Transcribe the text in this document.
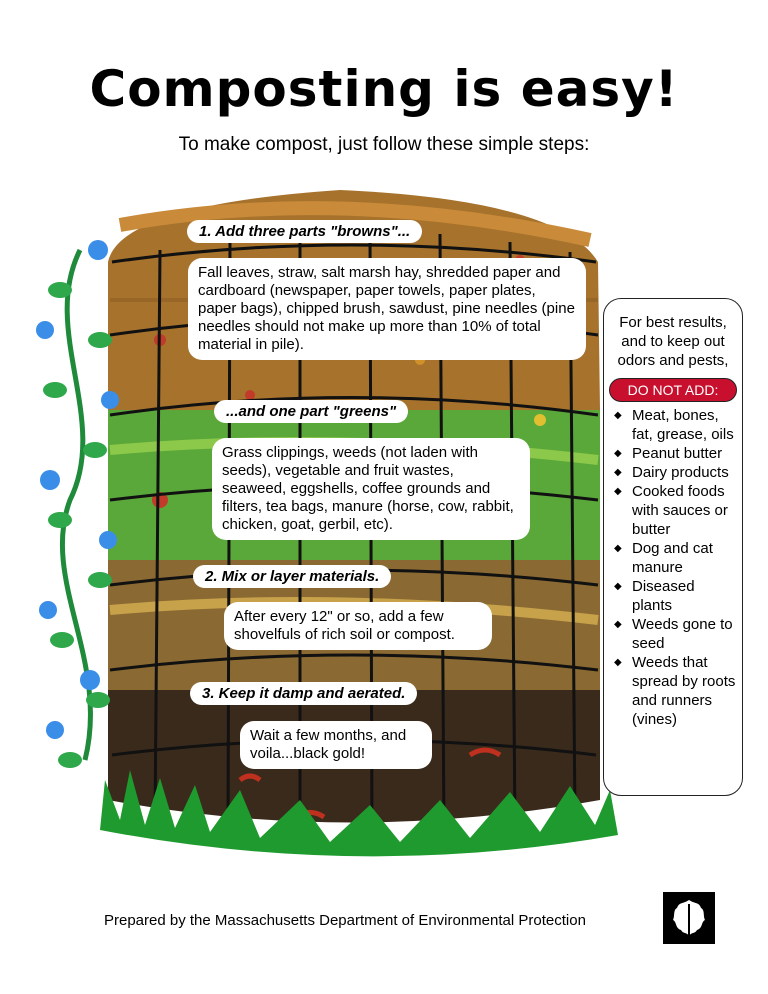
Composting is easy!
To make compost, just follow these simple steps:
1. Add three parts "browns"...
Fall leaves, straw, salt marsh hay, shredded paper and cardboard (newspaper, paper towels, paper plates, paper bags), chipped brush, sawdust, pine needles (pine needles should not make up more than 10% of total material in pile).
...and one part "greens"
Grass clippings, weeds (not laden with seeds), vegetable and fruit wastes, seaweed, eggshells, coffee grounds and filters, tea bags, manure (horse, cow, rabbit, chicken, goat, gerbil, etc).
2. Mix or layer materials.
After every 12" or so, add a few shovelfuls of rich soil or compost.
3. Keep it damp and aerated.
Wait a few months, and voila...black gold!
For best results, and to keep out odors and pests,
DO NOT ADD:
◆ Meat, bones, fat, grease, oils
◆ Peanut butter
◆ Dairy products
◆ Cooked foods with sauces or butter
◆ Dog and cat manure
◆ Diseased plants
◆ Weeds gone to seed
◆ Weeds that spread by roots and runners (vines)
Prepared by the Massachusetts Department of Environmental Protection
